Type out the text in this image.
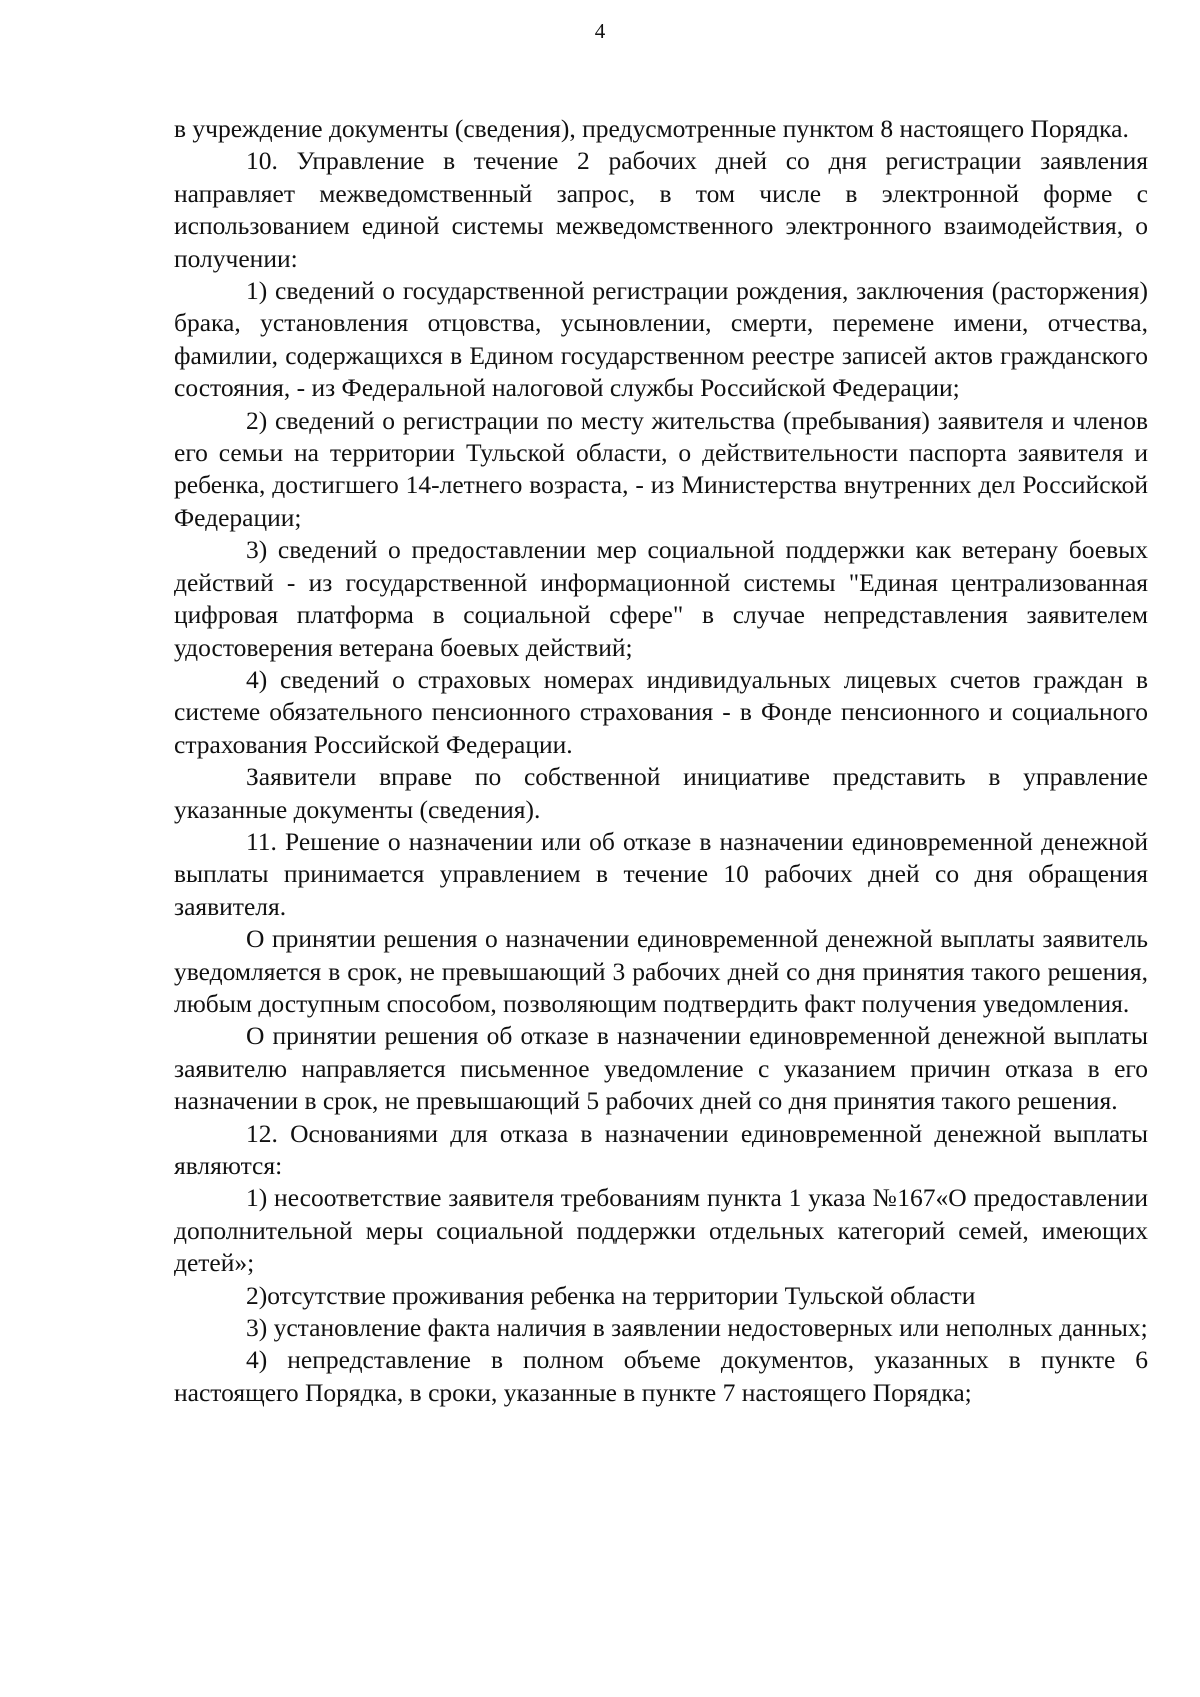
4

в учреждение документы (сведения), предусмотренные пунктом 8 настоящего Порядка.

10. Управление в течение 2 рабочих дней со дня регистрации заявления направляет межведомственный запрос, в том числе в электронной форме с использованием единой системы межведомственного электронного взаимодействия, о получении:

1) сведений о государственной регистрации рождения, заключения (расторжения) брака, установления отцовства, усыновлении, смерти, перемене имени, отчества, фамилии, содержащихся в Едином государственном реестре записей актов гражданского состояния, - из Федеральной налоговой службы Российской Федерации;

2) сведений о регистрации по месту жительства (пребывания) заявителя и членов его семьи на территории Тульской области, о действительности паспорта заявителя и ребенка, достигшего 14-летнего возраста, - из Министерства внутренних дел Российской Федерации;

3) сведений о предоставлении мер социальной поддержки как ветерану боевых действий - из государственной информационной системы "Единая централизованная цифровая платформа в социальной сфере" в случае непредставления заявителем удостоверения ветерана боевых действий;

4) сведений о страховых номерах индивидуальных лицевых счетов граждан в системе обязательного пенсионного страхования - в Фонде пенсионного и социального страхования Российской Федерации.

Заявители вправе по собственной инициативе представить в управление указанные документы (сведения).

11. Решение о назначении или об отказе в назначении единовременной денежной выплаты принимается управлением в течение 10 рабочих дней со дня обращения заявителя.

О принятии решения о назначении единовременной денежной выплаты заявитель уведомляется в срок, не превышающий 3 рабочих дней со дня принятия такого решения, любым доступным способом, позволяющим подтвердить факт получения уведомления.

О принятии решения об отказе в назначении единовременной денежной выплаты заявителю направляется письменное уведомление с указанием причин отказа в его назначении в срок, не превышающий 5 рабочих дней со дня принятия такого решения.

12. Основаниями для отказа в назначении единовременной денежной выплаты являются:

1) несоответствие заявителя требованиям пункта 1 указа №167«О предоставлении дополнительной меры социальной поддержки отдельных категорий семей, имеющих детей»;

2)отсутствие проживания ребенка на территории Тульской области

3) установление факта наличия в заявлении недостоверных или неполных данных;

4) непредставление в полном объеме документов, указанных в пункте 6 настоящего Порядка, в сроки, указанные в пункте 7 настоящего Порядка;
